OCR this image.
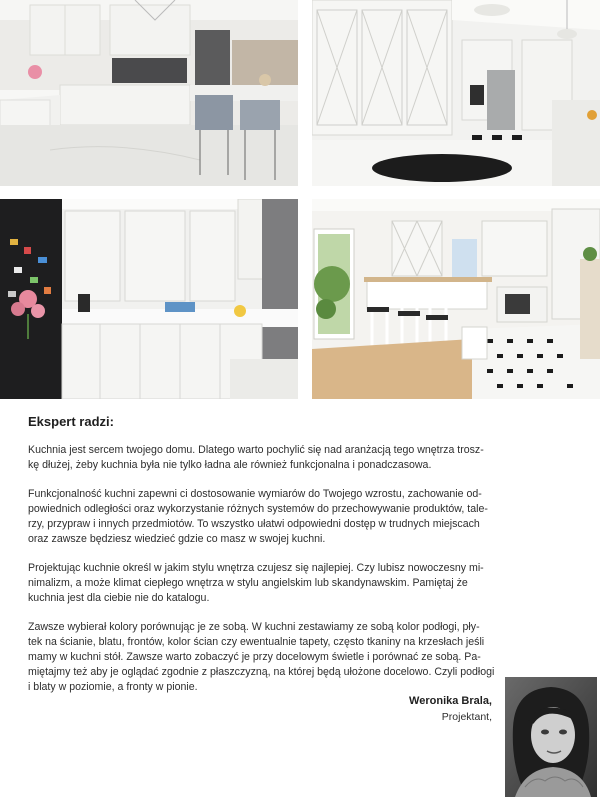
Ekspert radzi:

Kuchnia jest sercem twojego domu. Dlatego warto pochylić się nad aranżacją tego wnętrza trosz-
kę dłużej, żeby kuchnia była nie tylko ładna ale również funkcjonalna i ponadczasowa.

Funkcjonalność kuchni zapewni ci dostosowanie wymiarów do Twojego wzrostu, zachowanie od-
powiednich odległości oraz wykorzystanie różnych systemów do przechowywanie produktów, tale-
rzy, przypraw i innych przedmiotów. To wszystko ułatwi odpowiedni dostęp w trudnych miejscach
oraz zawsze będziesz wiedzieć gdzie co masz w swojej kuchni.

Projektując kuchnie określ w jakim stylu wnętrza czujesz się najlepiej. Czy lubisz nowoczesny mi-
nimalizm, a może klimat ciepłego wnętrza w stylu angielskim lub skandynawskim. Pamiętaj że
kuchnia jest dla ciebie nie do katalogu.

Zawsze wybierał kolory porównując je ze sobą. W kuchni zestawiamy ze sobą kolor podłogi, pły-
tek na ścianie, blatu, frontów, kolor ścian czy ewentualnie tapety, często tkaniny na krzesłach jeśli
mamy w kuchni stół. Zawsze warto zobaczyć je przy docelowym świetle i porównać ze sobą. Pa-
miętajmy też aby je oglądać zgodnie z płaszczyzną, na której będą ułożone docelowo. Czyli podłogi
i blaty w poziomie, a fronty w pionie.

Weronika Brala,
Projektant,
